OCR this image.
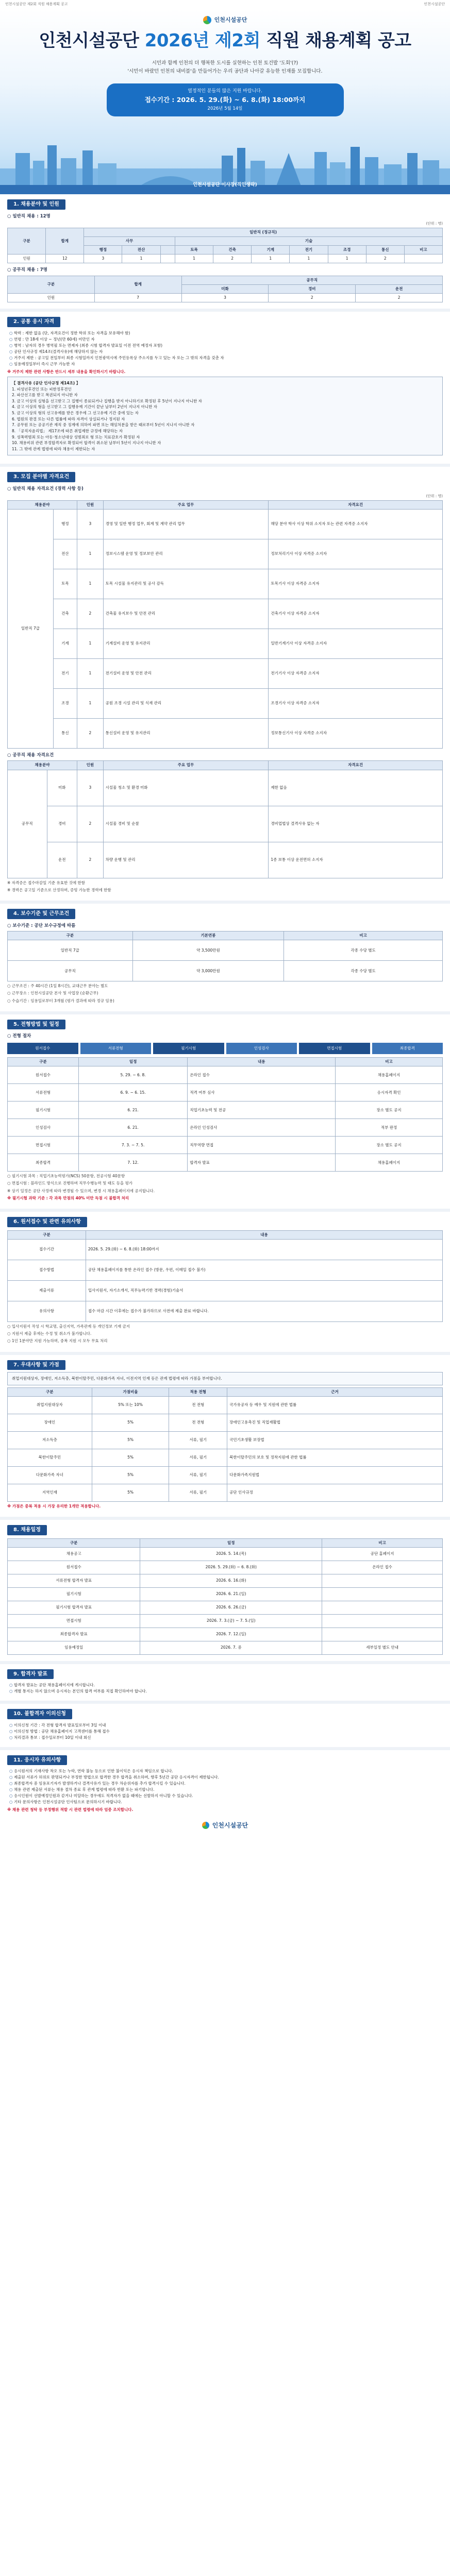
인천시설공단 제2회 직원 채용계획 공고	인천시설공단
인천시설공단
인천시설공단 2026년 제2회 직원 채용계획 공고
시민과 함께 인천의 더 행복한 도시를 실현하는 인천 토건발 '도회'(?)
'시민이 바랐던 인천의 내비블'을 만들어가는 우리 공단과 나아갈 유능한 인재를 모집합니다.
열정적인 분들의 많은 지원 바랍니다.
접수기간 : 2026. 5. 29.(화) ~ 6. 8.(화) 18:00까지
2026년 5월 14일
인천시설공단 이사장(직인생략)
1. 채용분야 및 인원
○ 일반직 채용 : 12명
(단위 : 명)
구분	합계	일반직 (정규직)									
		사무			기술						
		행정	전산		토목	건축	기계	전기	조경	통신	비고
인원	12	3	1		1	2	1	1	1	2	
○ 공무직 채용 : 7명
구분	합계	공무직		
		미화	경비	운전
인원	7	3	2	2
2. 공통 응시 자격
○ 학력 : 제한 없음 (단, 자격요건이 정한 학위 또는 자격을 보유해야 함)
○ 연령 : 만 18세 이상 ~ 정년(만 60세) 미만인 자
○ 병역 : 남자의 경우 병역필 또는 면제자 (최종 시험 합격자 발표일 이전 전역 예정자 포함)
○ 공단 인사규정 제14조(결격사유)에 해당하지 않는 자
○ 거주지 제한 : 공고일 전일부터 최종 시험일까지 인천광역시에 주민등록상 주소지를 두고 있는 자 또는 그 밖의 자격을 갖춘 자
○ 임용예정일부터 즉시 근무 가능한 자
※ 거주지 제한 관련 사항은 반드시 세부 내용을 확인하시기 바랍니다.
【 결격사유 (공단 인사규정 제14조) 】
1. 피성년후견인 또는 피한정후견인
2. 파산선고를 받고 복권되지 아니한 자
3. 금고 이상의 실형을 선고받고 그 집행이 종료되거나 집행을 받지 아니하기로 확정된 후 5년이 지나지 아니한 자
4. 금고 이상의 형을 선고받고 그 집행유예 기간이 끝난 날부터 2년이 지나지 아니한 자
5. 금고 이상의 형의 선고유예를 받은 경우에 그 선고유예 기간 중에 있는 자
6. 법원의 판결 또는 다른 법률에 따라 자격이 상실되거나 정지된 자
7. 공무원 또는 공공기관 재직 중 징계에 의하여 파면 또는 해임처분을 받은 때로부터 5년이 지나지 아니한 자
8. 「공직자윤리법」 제17조에 따른 취업제한 규정에 해당하는 자
9. 성폭력범죄 또는 아동·청소년대상 성범죄로 형 또는 치료감호가 확정된 자
10. 채용비위 관련 부정합격자로 확정되어 합격이 취소된 날부터 5년이 지나지 아니한 자
11. 그 밖에 관계 법령에 따라 채용이 제한되는 자
3. 모집 분야별 자격요건
○ 일반직 채용 자격요건 (경력 사항 등)
(단위 : 명)
채용분야		인원	주요 업무	자격요건
일반직 7급	행정	3	경영 및 일반 행정 업무, 회계 및 계약 관리 업무	해당 분야 학사 이상 학위 소지자 또는 관련 자격증 소지자
	전산	1	정보시스템 운영 및 정보보안 관리	정보처리기사 이상 자격증 소지자
	토목	1	토목 시설물 유지관리 및 공사 감독	토목기사 이상 자격증 소지자
	건축	2	건축물 유지보수 및 안전 관리	건축기사 이상 자격증 소지자
	기계	1	기계설비 운영 및 유지관리	일반기계기사 이상 자격증 소지자
	전기	1	전기설비 운영 및 안전 관리	전기기사 이상 자격증 소지자
	조경	1	공원 조경 시설 관리 및 식재 관리	조경기사 이상 자격증 소지자
	통신	2	통신설비 운영 및 유지관리	정보통신기사 이상 자격증 소지자
○ 공무직 채용 자격요건
채용분야		인원	주요 업무	자격요건
공무직	미화	3	시설물 청소 및 환경 미화	제한 없음
	경비	2	시설물 경비 및 순찰	경비업법상 결격사유 없는 자
	운전	2	차량 운행 및 관리	1종 보통 이상 운전면허 소지자
※ 자격증은 접수마감일 기준 유효한 것에 한함
※ 경력은 공고일 기준으로 산정하며, 증빙 가능한 경력에 한함
4. 보수기준 및 근무조건
○ 보수기준 : 공단 보수규정에 따름
구분	기본연봉	비고
일반직 7급	약 3,500만원	각종 수당 별도
공무직	약 3,000만원	각종 수당 별도
○ 근무조건 : 주 40시간 (1일 8시간), 교대근무 분야는 별도
○ 근무장소 : 인천시설공단 본사 및 사업장 (순환근무)
○ 수습기간 : 임용일로부터 3개월 (평가 결과에 따라 정규 임용)
5. 전형방법 및 일정
○ 전형 절차
원서접수	서류전형	필기시험	인성검사	면접시험	최종합격
구분	일정	내용	비고
원서접수	5. 29. ~ 6. 8.	온라인 접수	채용홈페이지
서류전형	6. 9. ~ 6. 15.	적격 여부 심사	응시자격 확인
필기시험	6. 21.	직업기초능력 및 전공	장소 별도 공지
인성검사	6. 21.	온라인 인성검사	적부 판정
면접시험	7. 3. ~ 7. 5.	직무역량 면접	장소 별도 공지
최종합격	7. 12.	합격자 발표	채용홈페이지
○ 필기시험 과목 : 직업기초능력평가(NCS) 50문항, 전공시험 40문항
○ 면접시험 : 블라인드 방식으로 진행하며 직무수행능력 및 태도 등을 평가
※ 상기 일정은 공단 사정에 따라 변경될 수 있으며, 변경 시 채용홈페이지에 공지합니다.
※ 필기시험 과락 기준 : 각 과목 만점의 40% 미만 득점 시 불합격 처리
6. 원서접수 및 관련 유의사항
구분	내용
접수기간	2026. 5. 29.(화) ~ 6. 8.(화) 18:00까지
접수방법	공단 채용홈페이지를 통한 온라인 접수 (방문, 우편, 이메일 접수 불가)
제출서류	입사지원서, 자기소개서, 직무능력기반 경력(경험)기술서
유의사항	접수 마감 시간 이후에는 접수가 불가하므로 사전에 제출 완료 바랍니다.
○ 입사지원서 작성 시 학교명, 출신지역, 가족관계 등 개인정보 기재 금지
○ 지원서 제출 후에는 수정 및 취소가 불가합니다.
○ 1인 1분야만 지원 가능하며, 중복 지원 시 모두 무효 처리
7. 우대사항 및 가점
취업지원대상자, 장애인, 저소득층, 북한이탈주민, 다문화가족 자녀, 이전지역 인재 등은 관계 법령에 따라 가점을 부여합니다.
구분	가점비율	적용 전형	근거
취업지원대상자	5% 또는 10%	전 전형	국가유공자 등 예우 및 지원에 관한 법률
장애인	5%	전 전형	장애인고용촉진 및 직업재활법
저소득층	5%	서류, 필기	국민기초생활 보장법
북한이탈주민	5%	서류, 필기	북한이탈주민의 보호 및 정착지원에 관한 법률
다문화가족 자녀	5%	서류, 필기	다문화가족지원법
지역인재	5%	서류, 필기	공단 인사규정
※ 가점은 중복 적용 시 가장 유리한 1개만 적용합니다.
8. 채용일정
구분	일정	비고
채용공고	2026. 5. 14.(목)	공단 홈페이지
원서접수	2026. 5. 29.(화) ~ 6. 8.(화)	온라인 접수
서류전형 합격자 발표	2026. 6. 16.(화)	
필기시험	2026. 6. 21.(일)	
필기시험 합격자 발표	2026. 6. 26.(금)	
면접시험	2026. 7. 3.(금) ~ 7. 5.(일)	
최종합격자 발표	2026. 7. 12.(일)	
임용예정일	2026. 7. 중	세부일정 별도 안내
9. 합격자 발표
○ 합격자 발표는 공단 채용홈페이지에 게시합니다.
○ 개별 통지는 하지 않으며 응시자는 본인의 합격 여부를 직접 확인하여야 합니다.
10. 불합격자 이의신청
○ 이의신청 기간 : 각 전형 합격자 발표일로부터 3일 이내
○ 이의신청 방법 : 공단 채용홈페이지 고객센터를 통해 접수
○ 처리결과 통보 : 접수일로부터 10일 이내 회신
11. 응시자 유의사항
○ 응시원서의 기재사항 착오 또는 누락, 연락 불능 등으로 인한 불이익은 응시자 책임으로 합니다.
○ 제출된 서류가 허위로 판명되거나 부정한 방법으로 합격한 경우 합격을 취소하며, 향후 5년간 공단 응시자격이 제한됩니다.
○ 최종합격자 중 임용포기자가 발생하거나 결격사유가 있는 경우 차순위자를 추가 합격시킬 수 있습니다.
○ 채용 관련 제출된 서류는 채용 절차 종료 후 관계 법령에 따라 반환 또는 파기합니다.
○ 응시인원이 선발예정인원과 같거나 미달하는 경우에도 적격자가 없을 때에는 선발하지 아니할 수 있습니다.
○ 기타 문의사항은 인천시설공단 인사팀으로 문의하시기 바랍니다.
※ 채용 관련 청탁 등 부정행위 적발 시 관련 법령에 따라 엄중 조치합니다.
인천시설공단
